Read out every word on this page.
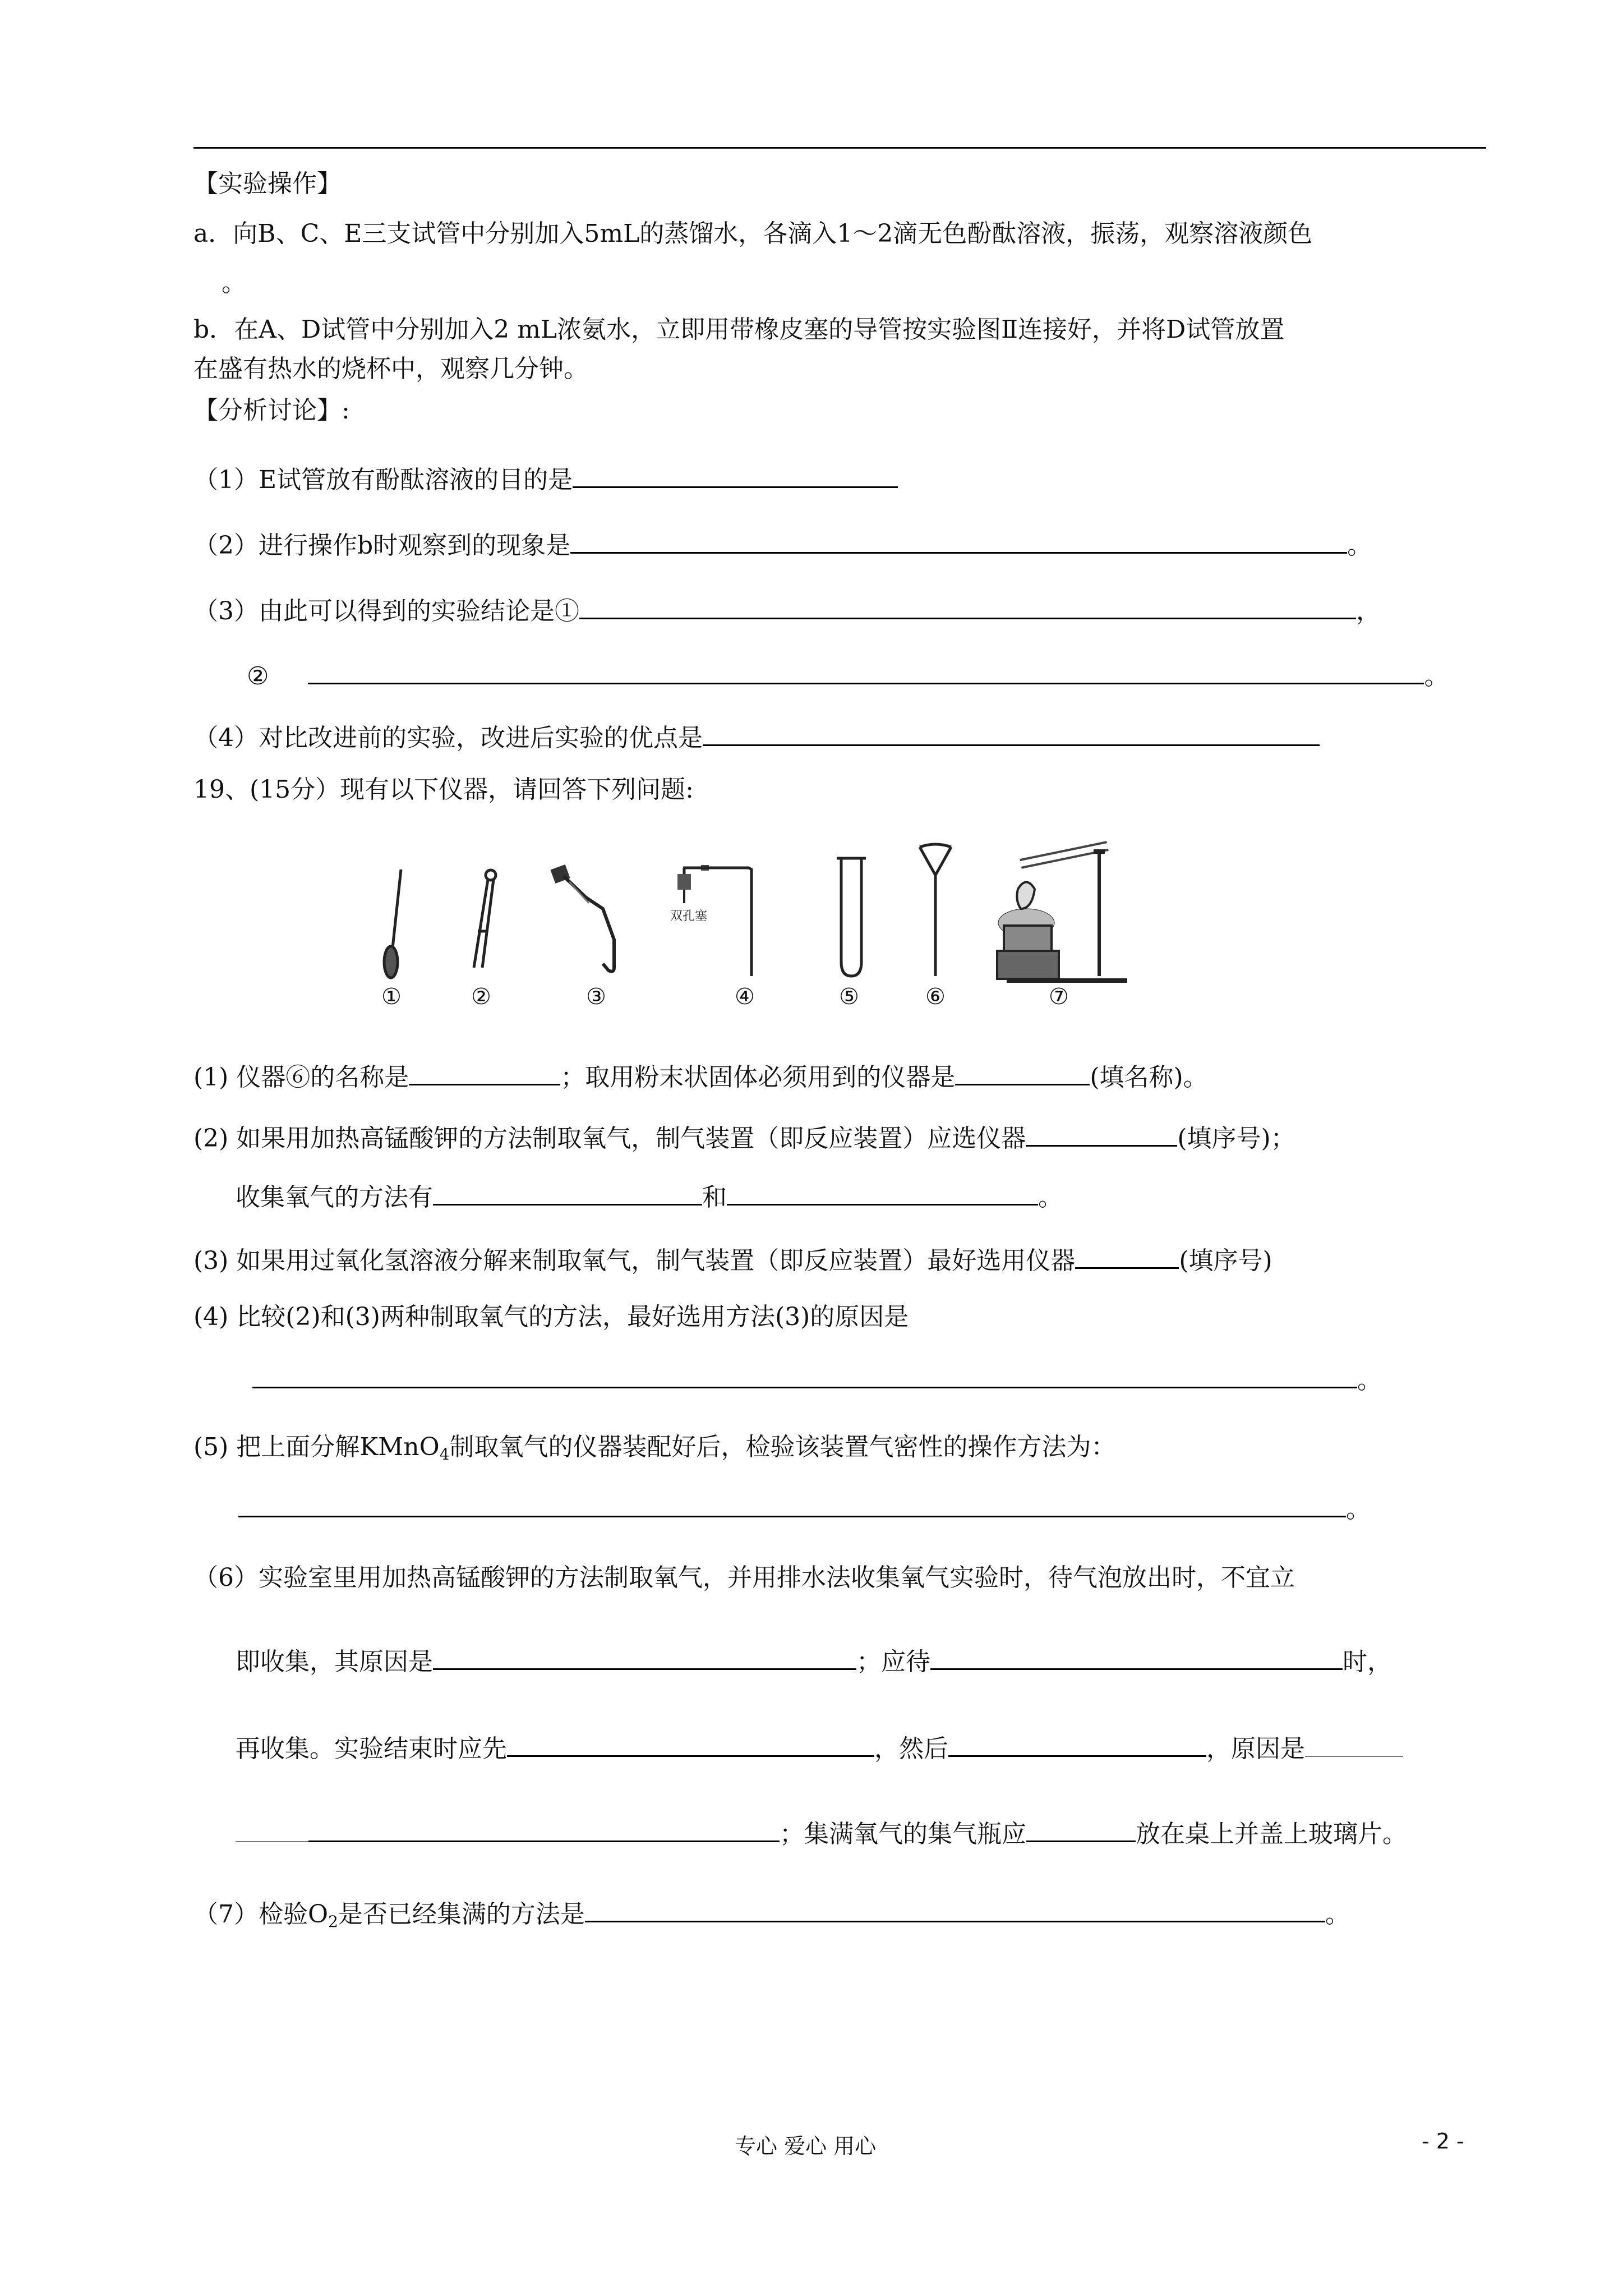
【实验操作】
a．向B、C、E三支试管中分别加入5mL的蒸馏水，各滴入1～2滴无色酚酞溶液，振荡，观察溶液颜色
。
b．在A、D试管中分别加入2 mL浓氨水，立即用带橡皮塞的导管按实验图Ⅱ连接好，并将D试管放置
在盛有热水的烧杯中，观察几分钟。
【分析讨论】:
（1）E试管放有酚酞溶液的目的是
（2）进行操作b时观察到的现象是	。
（3）由此可以得到的实验结论是①	，
②	。
（4）对比改进前的实验，改进后实验的优点是
19、(15分）现有以下仪器，请回答下列问题:
双孔塞
①	②	③	④	⑤	⑥	⑦
(1) 仪器⑥的名称是	；取用粉末状固体必须用到的仪器是	(填名称)。
(2) 如果用加热高锰酸钾的方法制取氧气，制气装置（即反应装置）应选仪器	(填序号)；
收集氧气的方法有	和	。
(3) 如果用过氧化氢溶液分解来制取氧气，制气装置（即反应装置）最好选用仪器	(填序号)
(4) 比较(2)和(3)两种制取氧气的方法，最好选用方法(3)的原因是
。
(5) 把上面分解KMnO$_4$制取氧气的仪器装配好后，检验该装置气密性的操作方法为：
。
（6）实验室里用加热高锰酸钾的方法制取氧气，并用排水法收集氧气实验时，待气泡放出时，不宜立
即收集，其原因是	；应待	时，
再收集。实验结束时应先	，然后	，原因是
；集满氧气的集气瓶应	放在桌上并盖上玻璃片。
（7）检验$O_2$是否已经集满的方法是	。
专心 爱心 用心	- 2 -
